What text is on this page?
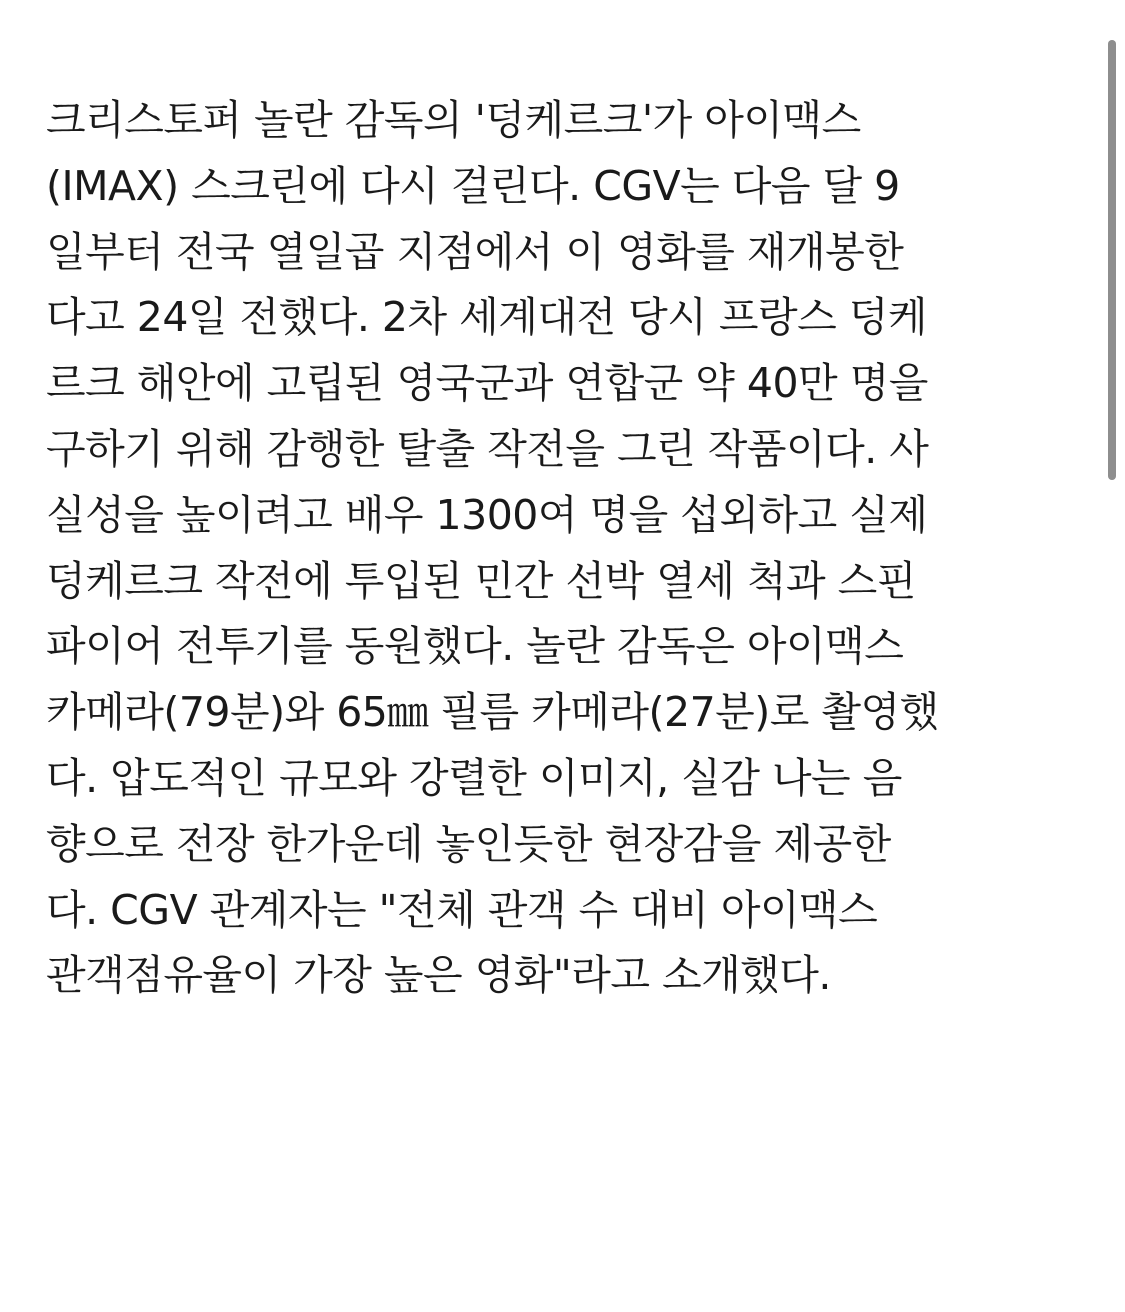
크리스토퍼 놀란 감독의 '덩케르크'가 아이맥스
(IMAX) 스크린에 다시 걸린다. CGV는 다음 달 9
일부터 전국 열일곱 지점에서 이 영화를 재개봉한
다고 24일 전했다. 2차 세계대전 당시 프랑스 덩케
르크 해안에 고립된 영국군과 연합군 약 40만 명을
구하기 위해 감행한 탈출 작전을 그린 작품이다. 사
실성을 높이려고 배우 1300여 명을 섭외하고 실제
덩케르크 작전에 투입된 민간 선박 열세 척과 스핀
파이어 전투기를 동원했다. 놀란 감독은 아이맥스
카메라(79분)와 65㎜ 필름 카메라(27분)로 촬영했
다. 압도적인 규모와 강렬한 이미지, 실감 나는 음
향으로 전장 한가운데 놓인듯한 현장감을 제공한
다. CGV 관계자는 "전체 관객 수 대비 아이맥스
관객점유율이 가장 높은 영화"라고 소개했다.
